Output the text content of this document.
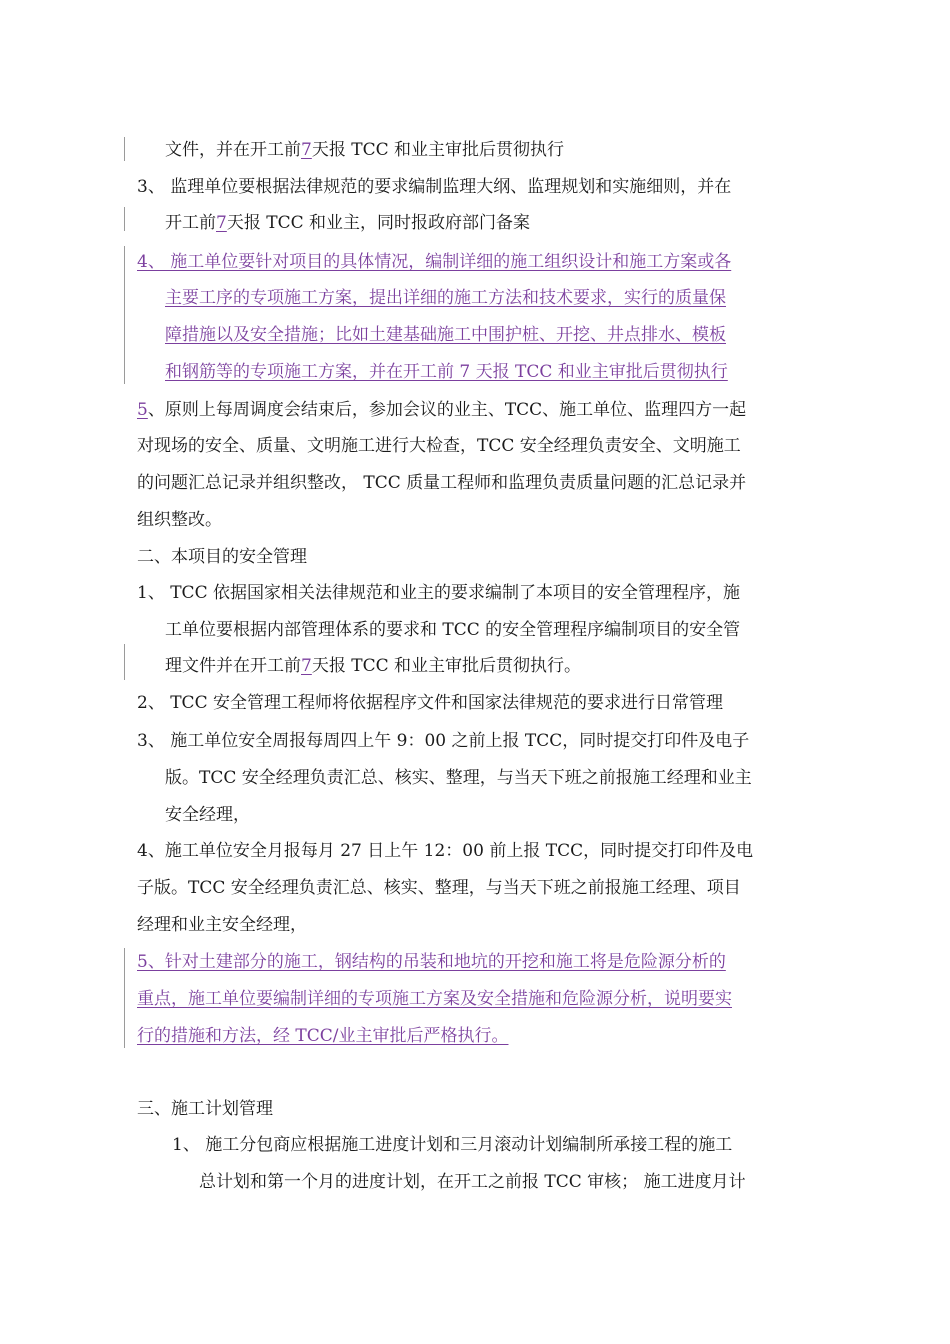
文件，并在开工前7天报 TCC 和业主审批后贯彻执行
3、 监理单位要根据法律规范的要求编制监理大纲、监理规划和实施细则，并在
开工前7天报 TCC 和业主，同时报政府部门备案
4、 施工单位要针对项目的具体情况，编制详细的施工组织设计和施工方案或各
主要工序的专项施工方案，提出详细的施工方法和技术要求，实行的质量保
障措施以及安全措施；比如土建基础施工中围护桩、开挖、井点排水、模板
和钢筋等的专项施工方案，并在开工前 7 天报 TCC 和业主审批后贯彻执行
5、原则上每周调度会结束后，参加会议的业主、TCC、施工单位、监理四方一起
对现场的安全、质量、文明施工进行大检查，TCC 安全经理负责安全、文明施工
的问题汇总记录并组织整改， TCC 质量工程师和监理负责质量问题的汇总记录并
组织整改。
二、本项目的安全管理
1、 TCC 依据国家相关法律规范和业主的要求编制了本项目的安全管理程序，施
工单位要根据内部管理体系的要求和 TCC 的安全管理程序编制项目的安全管
理文件并在开工前7天报 TCC 和业主审批后贯彻执行。
2、 TCC 安全管理工程师将依据程序文件和国家法律规范的要求进行日常管理
3、 施工单位安全周报每周四上午 9：00 之前上报 TCC，同时提交打印件及电子
版。TCC 安全经理负责汇总、核实、整理，与当天下班之前报施工经理和业主
安全经理，
4、施工单位安全月报每月 27 日上午 12：00 前上报 TCC，同时提交打印件及电
子版。TCC 安全经理负责汇总、核实、整理，与当天下班之前报施工经理、项目
经理和业主安全经理，
5、针对土建部分的施工，钢结构的吊装和地坑的开挖和施工将是危险源分析的
重点，施工单位要编制详细的专项施工方案及安全措施和危险源分析，说明要实
行的措施和方法，经 TCC/业主审批后严格执行。
三、施工计划管理
1、 施工分包商应根据施工进度计划和三月滚动计划编制所承接工程的施工
总计划和第一个月的进度计划，在开工之前报 TCC 审核； 施工进度月计
